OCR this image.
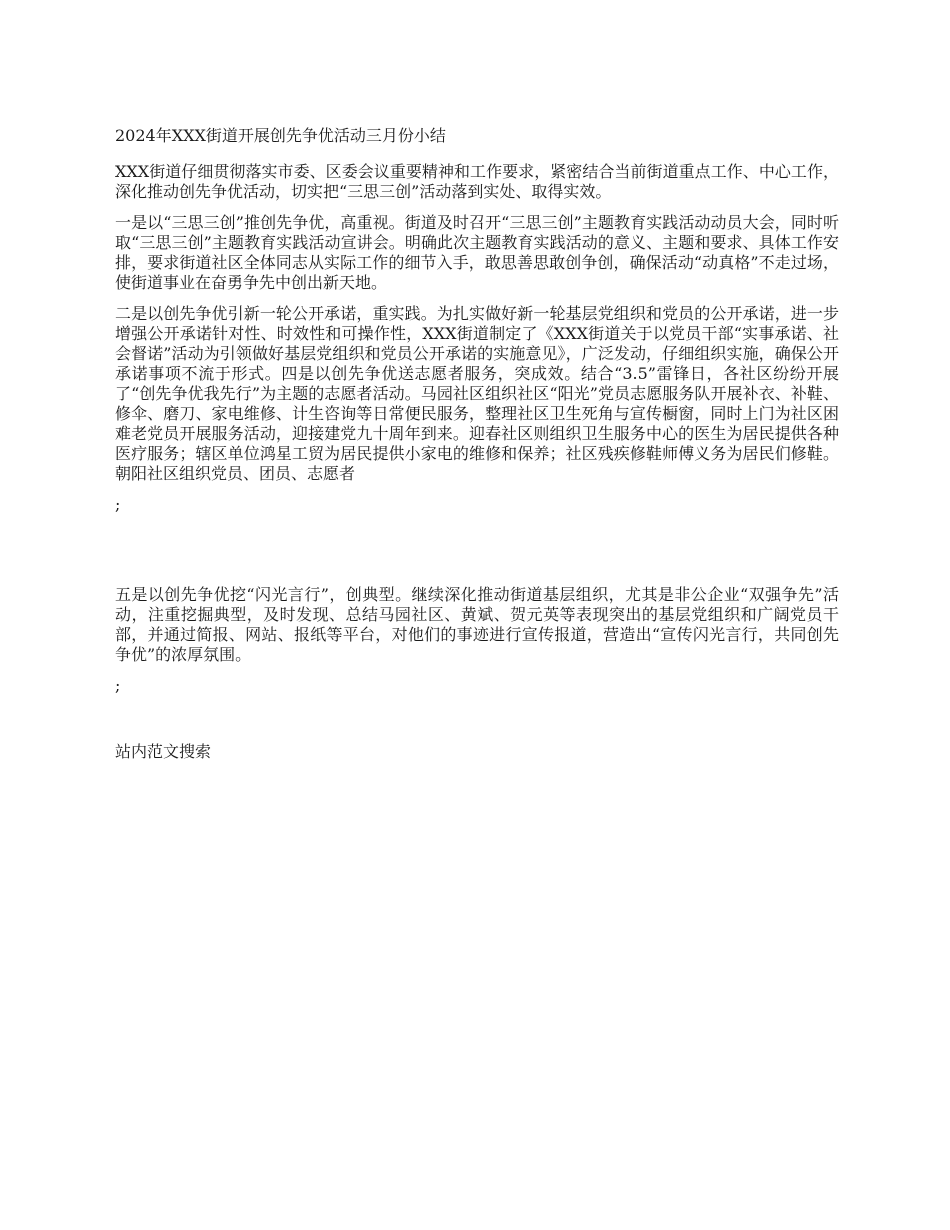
2024年XXX街道开展创先争优活动三月份小结

XXX街道仔细贯彻落实市委、区委会议重要精神和工作要求，紧密结合当前街道重点工作、中心工作，深化推动创先争优活动，切实把“三思三创”活动落到实处、取得实效。

一是以“三思三创”推创先争优，高重视。街道及时召开“三思三创”主题教育实践活动动员大会，同时听取“三思三创”主题教育实践活动宣讲会。明确此次主题教育实践活动的意义、主题和要求、具体工作安排，要求街道社区全体同志从实际工作的细节入手，敢思善思敢创争创，确保活动“动真格”不走过场，使街道事业在奋勇争先中创出新天地。

二是以创先争优引新一轮公开承诺，重实践。为扎实做好新一轮基层党组织和党员的公开承诺，进一步增强公开承诺针对性、时效性和可操作性，XXX街道制定了《XXX街道关于以党员干部“实事承诺、社会督诺”活动为引领做好基层党组织和党员公开承诺的实施意见》，广泛发动，仔细组织实施，确保公开承诺事项不流于形式。四是以创先争优送志愿者服务，突成效。结合“3.5”雷锋日，各社区纷纷开展了“创先争优我先行”为主题的志愿者活动。马园社区组织社区“阳光”党员志愿服务队开展补衣、补鞋、修伞、磨刀、家电维修、计生咨询等日常便民服务，整理社区卫生死角与宣传橱窗，同时上门为社区困难老党员开展服务活动，迎接建党九十周年到来。迎春社区则组织卫生服务中心的医生为居民提供各种医疗服务；辖区单位鸿星工贸为居民提供小家电的维修和保养；社区残疾修鞋师傅义务为居民们修鞋。朝阳社区组织党员、团员、志愿者

;

五是以创先争优挖“闪光言行”，创典型。继续深化推动街道基层组织，尤其是非公企业“双强争先”活动，注重挖掘典型，及时发现、总结马园社区、黄斌、贺元英等表现突出的基层党组织和广阔党员干部，并通过简报、网站、报纸等平台，对他们的事迹进行宣传报道，营造出“宣传闪光言行，共同创先争优”的浓厚氛围。

;
站内范文搜索
